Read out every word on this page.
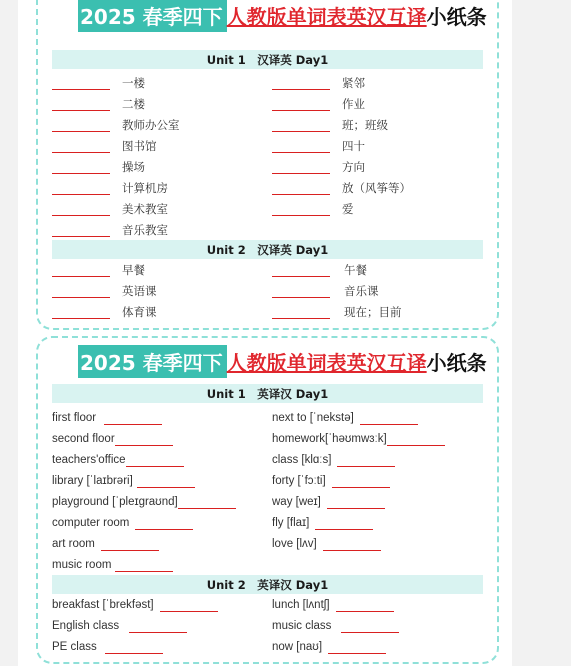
2025 春季四下 人教版单词表英汉互译 小纸条
Unit 1　汉译英 Day1
一楼
二楼
教师办公室
图书馆
操场
计算机房
美术教室
音乐教室
紧邻
作业
班；班级
四十
方向
放（风筝等）
爱
Unit 2　汉译英 Day1
早餐
英语课
体育课
午餐
音乐课
现在；目前
2025 春季四下 人教版单词表英汉互译 小纸条
Unit 1　英译汉 Day1
first floor
second floor
teachers'office
library [ˈlaɪbrəri]
playground [ˈpleɪgraʊnd]
computer room
art room
music room
next to [ˈnekstə]
homework[ˈhəʊmwɜːk]
class [klɑːs]
forty [ˈfɔːti]
way [weɪ]
fly [flaɪ]
love [lʌv]
Unit 2　英译汉 Day1
breakfast [ˈbrekfəst]
English class
PE class
lunch [lʌntʃ]
music class
now [naʊ]
